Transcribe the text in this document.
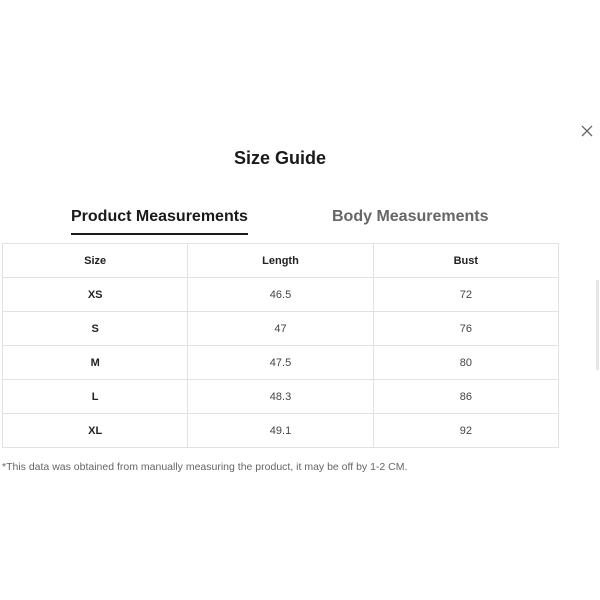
Size Guide
Product Measurements	Body Measurements
Size	Length	Bust
XS	46.5	72
S	47	76
M	47.5	80
L	48.3	86
XL	49.1	92
*This data was obtained from manually measuring the product, it may be off by 1-2 CM.
